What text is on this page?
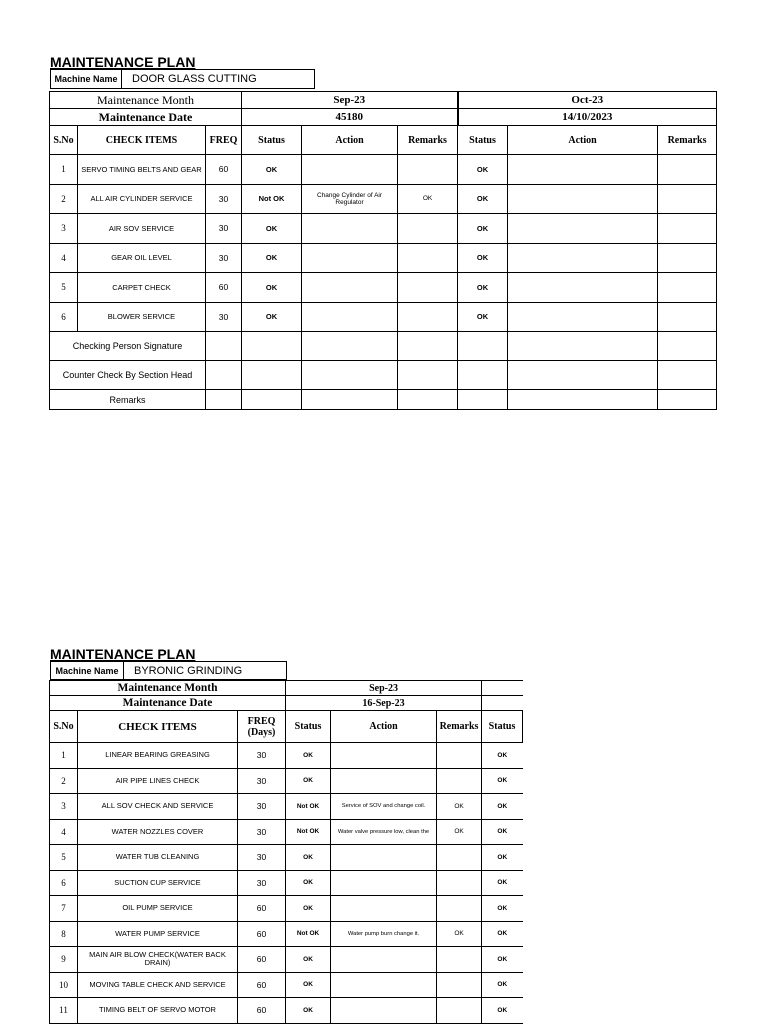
MAINTENANCE PLAN
Machine Name	DOOR GLASS CUTTING
Maintenance Month			Sep-23			Oct-23		
Maintenance Date			45180			14/10/2023		
S.No	CHECK ITEMS	FREQ	Status	Action	Remarks	Status	Action	Remarks
1	SERVO TIMING BELTS AND GEAR	60	OK			OK		
2	ALL AIR CYLINDER SERVICE	30	Not OK	Change Cylinder of Air Regulator	OK	OK		
3	AIR SOV SERVICE	30	OK			OK		
4	GEAR OIL LEVEL	30	OK			OK		
5	CARPET CHECK	60	OK			OK		
6	BLOWER SERVICE	30	OK			OK		
Checking Person Signature								
Counter Check By Section Head								
Remarks								
MAINTENANCE PLAN
Machine Name	BYRONIC GRINDING
Maintenance Month			Sep-23			
Maintenance Date			16-Sep-23			
S.No	CHECK ITEMS	FREQ (Days)	Status	Action	Remarks	Status
1	LINEAR BEARING GREASING	30	OK			OK
2	AIR PIPE LINES CHECK	30	OK			OK
3	ALL SOV CHECK AND SERVICE	30	Not OK	Service of SOV and change coil.	OK	OK
4	WATER NOZZLES COVER	30	Not OK	Water valve pressure low, clean the	OK	OK
5	WATER TUB CLEANING	30	OK			OK
6	SUCTION CUP SERVICE	30	OK			OK
7	OIL PUMP SERVICE	60	OK			OK
8	WATER PUMP SERVICE	60	Not OK	Water pump burn change it.	OK	OK
9	MAIN AIR BLOW CHECK(WATER BACK DRAIN)	60	OK			OK
10	MOVING TABLE CHECK AND SERVICE	60	OK			OK
11	TIMING BELT OF SERVO MOTOR	60	OK			OK
